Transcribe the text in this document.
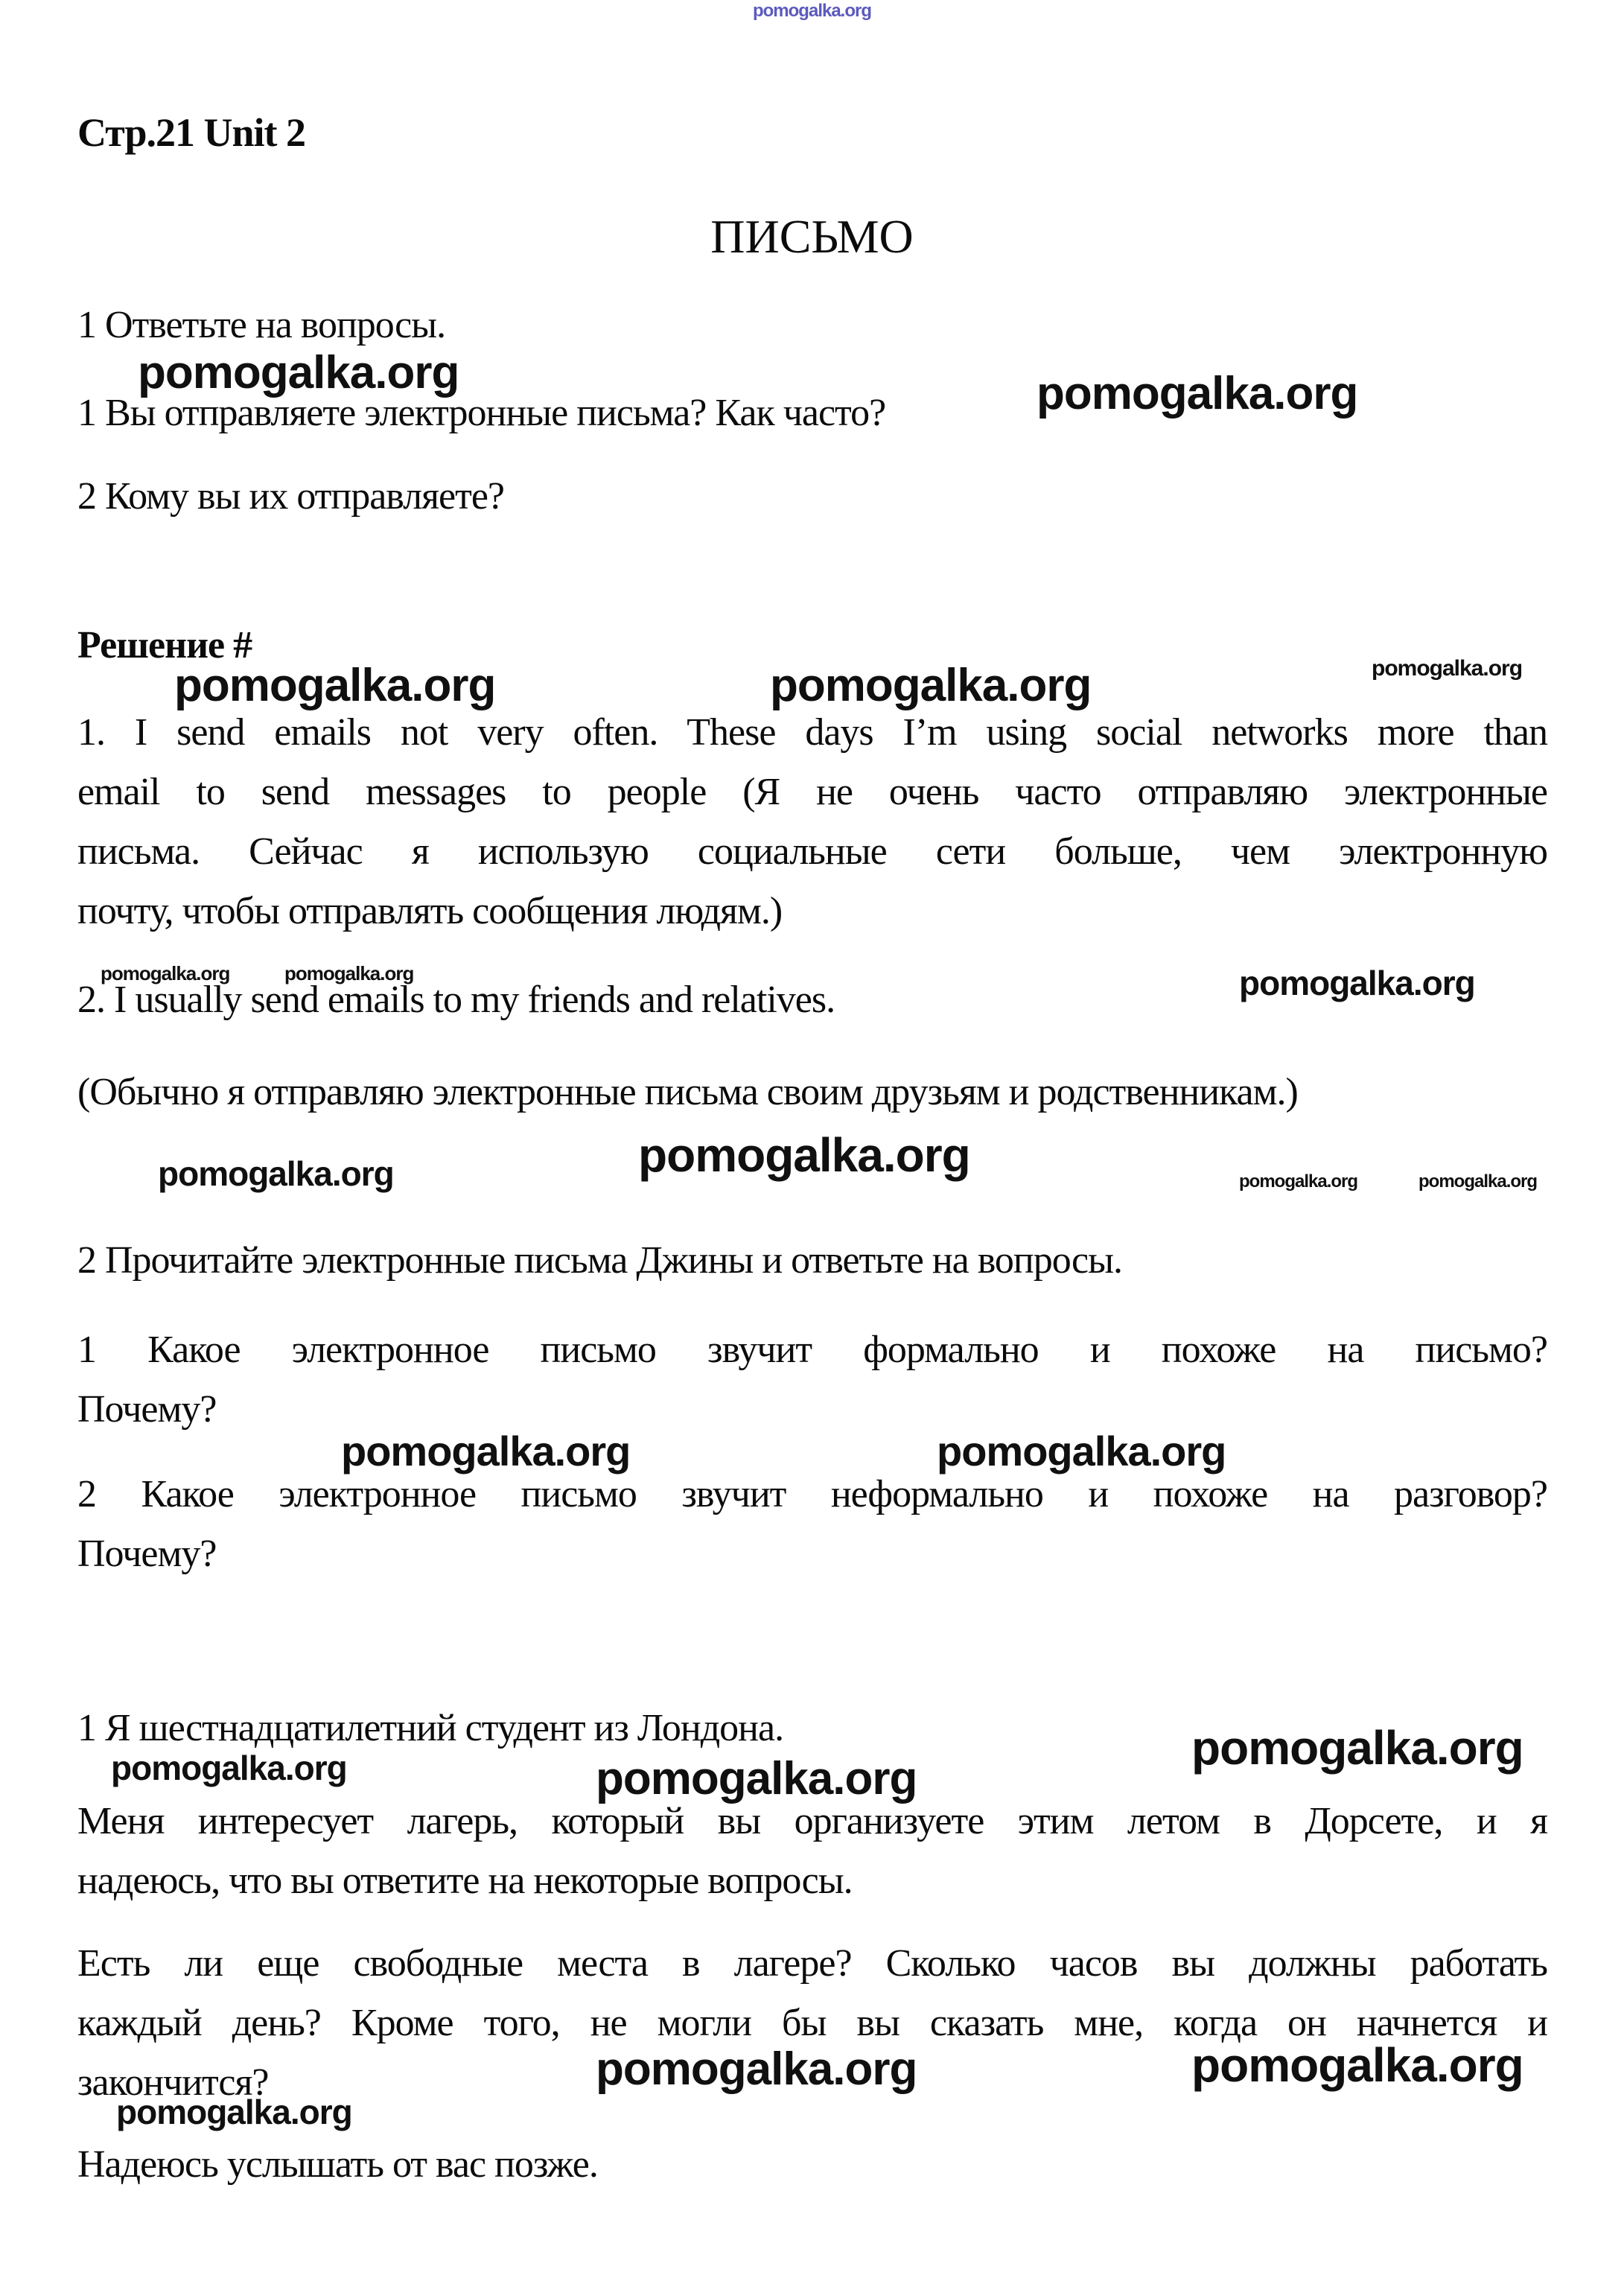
pomogalka.org
Стр.21 Unit 2
ПИСЬМО
1 Ответьте на вопросы.
pomogalka.org
1 Вы отправляете электронные письма? Как часто?	pomogalka.org
2 Кому вы их отправляете?
Решение #
pomogalka.org	pomogalka.org	pomogalka.org
1. I send emails not very often. These days I’m using social networks more than
email to send messages to people (Я не очень часто отправляю электронные
письма. Сейчас я использую социальные сети больше, чем электронную
почту, чтобы отправлять сообщения людям.)
pomogalka.org	pomogalka.org	pomogalka.org
2. I usually send emails to my friends and relatives.
(Обычно я отправляю электронные письма своим друзьям и родственникам.)
pomogalka.org	pomogalka.org	pomogalka.org	pomogalka.org
2 Прочитайте электронные письма Джины и ответьте на вопросы.
1 Какое электронное письмо звучит формально и похоже на письмо?
Почему?
pomogalka.org	pomogalka.org
2 Какое электронное письмо звучит неформально и похоже на разговор?
Почему?
1 Я шестнадцатилетний студент из Лондона.
pomogalka.org	pomogalka.org
pomogalka.org
Меня интересует лагерь, который вы организуете этим летом в Дорсете, и я
надеюсь, что вы ответите на некоторые вопросы.
Есть ли еще свободные места в лагере? Сколько часов вы должны работать
каждый день? Кроме того, не могли бы вы сказать мне, когда он начнется и
закончится?	pomogalka.org	pomogalka.org
pomogalka.org
Надеюсь услышать от вас позже.
